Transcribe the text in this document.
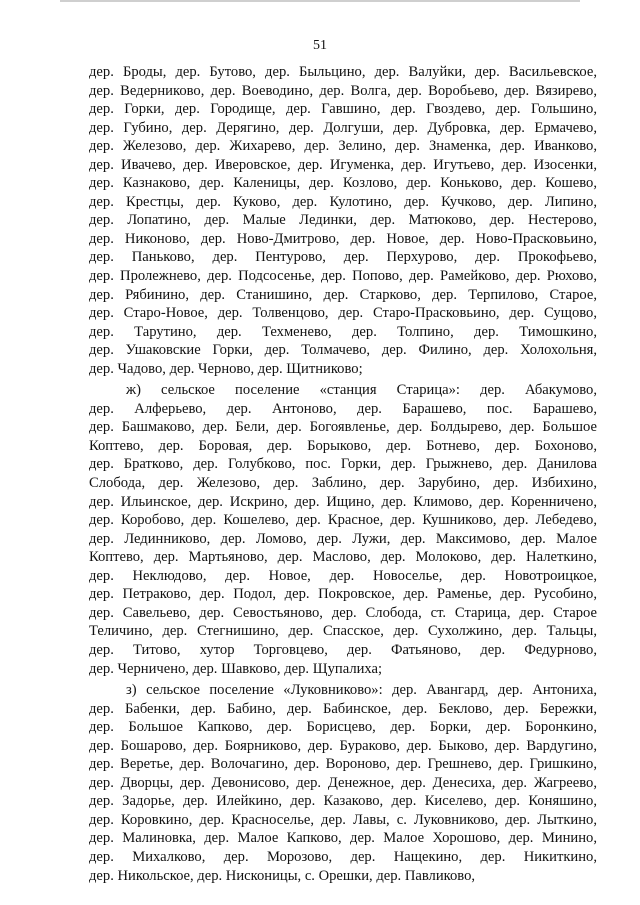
51
дер. Броды, дер. Бутово, дер. Быльцино, дер. Валуйки, дер. Васильевское,
дер. Ведерниково, дер. Воеводино, дер. Волга, дер. Воробьево, дер. Вязирево,
дер. Горки, дер. Городище, дер. Гавшино, дер. Гвоздево, дер. Гольшино,
дер. Губино, дер. Дерягино, дер. Долгуши, дер. Дубровка, дер. Ермачево,
дер. Железово, дер. Жихарево, дер. Зелино, дер. Знаменка, дер. Иванково,
дер. Ивачево, дер. Иверовское, дер. Игуменка, дер. Игутьево, дер. Изосенки,
дер. Казнаково, дер. Каленицы, дер. Козлово, дер. Коньково, дер. Кошево,
дер. Крестцы, дер. Куково, дер. Кулотино, дер. Кучково, дер. Липино,
дер. Лопатино, дер. Малые Лединки, дер. Матюково, дер. Нестерово,
дер. Никоново, дер. Ново-Дмитрово, дер. Новое, дер. Ново-Прасковьино,
дер. Паньково, дер. Пентурово, дер. Перхурово, дер. Прокофьево,
дер. Пролежнево, дер. Подсосенье, дер. Попово, дер. Рамейково, дер. Рюхово,
дер. Рябинино, дер. Станишино, дер. Старково, дер. Терпилово, Старое,
дер. Старо-Новое, дер. Толвенцово, дер. Старо-Прасковьино, дер. Сущово,
дер. Тарутино, дер. Техменево, дер. Толпино, дер. Тимошкино,
дер. Ушаковские Горки, дер. Толмачево, дер. Филино, дер. Холохольня,
дер. Чадово, дер. Черново, дер. Щитниково;
ж) сельское поселение «станция Старица»: дер. Абакумово,
дер. Алферьево, дер. Антоново, дер. Барашево, пос. Барашево,
дер. Башмаково, дер. Бели, дер. Богоявленье, дер. Болдырево, дер. Большое
Коптево, дер. Боровая, дер. Борыково, дер. Ботнево, дер. Бохоново,
дер. Братково, дер. Голубково, пос. Горки, дер. Грыжнево, дер. Данилова
Слобода, дер. Железово, дер. Заблино, дер. Зарубино, дер. Избихино,
дер. Ильинское, дер. Искрино, дер. Ищино, дер. Климово, дер. Коренничено,
дер. Коробово, дер. Кошелево, дер. Красное, дер. Кушниково, дер. Лебедево,
дер. Лединниково, дер. Ломово, дер. Лужи, дер. Максимово, дер. Малое
Коптево, дер. Мартьяново, дер. Маслово, дер. Молоково, дер. Налеткино,
дер. Неклюдово, дер. Новое, дер. Новоселье, дер. Новотроицкое,
дер. Петраково, дер. Подол, дер. Покровское, дер. Раменье, дер. Русобино,
дер. Савельево, дер. Севостьяново, дер. Слобода, ст. Старица, дер. Старое
Теличино, дер. Стегнишино, дер. Спасское, дер. Сухолжино, дер. Тальцы,
дер. Титово, хутор Торговцево, дер. Фатьяново, дер. Федурново,
дер. Черничено, дер. Шавково, дер. Щупалиха;
з) сельское поселение «Луковниково»: дер. Авангард, дер. Антониха,
дер. Бабенки, дер. Бабино, дер. Бабинское, дер. Беклово, дер. Бережки,
дер. Большое Капково, дер. Борисцево, дер. Борки, дер. Боронкино,
дер. Бошарово, дер. Боярниково, дер. Бураково, дер. Быково, дер. Вардугино,
дер. Веретье, дер. Волочагино, дер. Вороново, дер. Грешнево, дер. Гришкино,
дер. Дворцы, дер. Девонисово, дер. Денежное, дер. Денесиха, дер. Жагреево,
дер. Задорье, дер. Илейкино, дер. Казаково, дер. Киселево, дер. Коняшино,
дер. Коровкино, дер. Красноселье, дер. Лавы, с. Луковниково, дер. Лыткино,
дер. Малиновка, дер. Малое Капково, дер. Малое Хорошово, дер. Минино,
дер. Михалково, дер. Морозово, дер. Нащекино, дер. Никиткино,
дер. Никольское, дер. Нисконицы, с. Орешки, дер. Павликово,
